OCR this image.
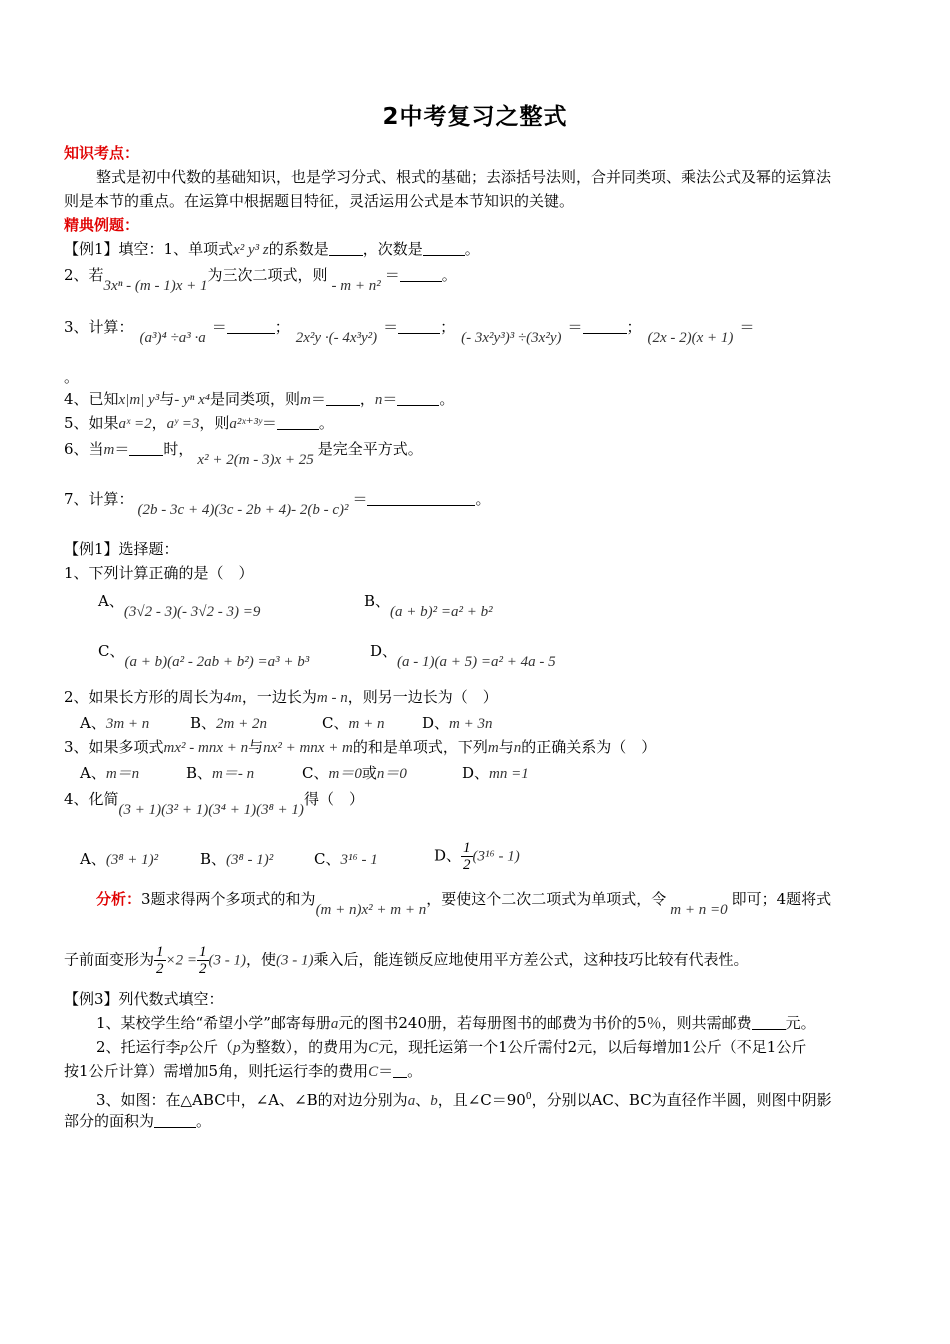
2中考复习之整式
知识考点：
整式是初中代数的基础知识，也是学习分式、根式的基础；去添括号法则，合并同类项、乘法公式及幂的运算法
则是本节的重点。在运算中根据题目特征，灵活运用公式是本节知识的关键。
精典例题：
【例1】填空：1、单项式x² y³ z的系数是 ，次数是	。
2、若3xⁿ - (m - 1)x + 1为三次二项式，则- m + n²＝	。
3、计算：(a³)⁴ ÷a³ ·a＝	；2x²y ·(- 4x³y²)＝	；(- 3x²y³)³ ÷(3x²y)＝	；(2x - 2)(x + 1)＝
。
4、已知x|m| y³与- yⁿ x⁴是同类项，则m＝ ，n＝	。
5、如果aˣ =2，aʸ =3，则a²ˣ⁺³ʸ＝	。
6、当m＝ 时，x² + 2(m - 3)x + 25是完全平方式。
7、计算：(2b - 3c + 4)(3c - 2b + 4)- 2(b - c)²＝	。
【例1】选择题：
1、下列计算正确的是（　）
A、(3√2 - 3)(- 3√2 - 3) =9
B、(a + b)² =a² + b²
C、(a + b)(a² - 2ab + b²) =a³ + b³
D、(a - 1)(a + 5) =a² + 4a - 5
2、如果长方形的周长为4m，一边长为m - n，则另一边长为（　）
A、3m + n	B、2m + 2n	C、m + n	D、m + 3n
3、如果多项式mx² - mnx + n与nx² + mnx + m的和是单项式，下列m与n的正确关系为（　）
A、m＝n	B、m＝- n	C、m＝0或n＝0	D、mn =1
4、化简(3 + 1)(3² + 1)(3⁴ + 1)(3⁸ + 1)得（　）
A、(3⁸ + 1)²	B、(3⁸ - 1)²	C、3¹⁶ - 1	D、 $\frac{1}{2} (3^{16} - 1)$
分析：3题求得两个多项式的和为(m + n)x² + m + n，要使这个二次二项式为单项式，令m + n =0即可；4题将式
子前面变形为 $\frac{1}{2} \times 2 = \frac{1}{2} (3 - 1)$，使(3 - 1)乘入后，能连锁反应地使用平方差公式，这种技巧比较有代表性。
【例3】列代数式填空：
1、某校学生给“希望小学”邮寄每册a元的图书240册，若每册图书的邮费为书价的5％，则共需邮费 元。
2、托运行李p公斤（p为整数），的费用为C元，现托运第一个1公斤需付2元，以后每增加1公斤（不足1公斤
按1公斤计算）需增加5角，则托运行李的费用C＝ 。
3、如图：在△ABC中，∠A、∠B的对边分别为a、b，且$\angle C=90^0$，分别以AC、BC为直径作半圆，则图中阴影
部分的面积为	。
